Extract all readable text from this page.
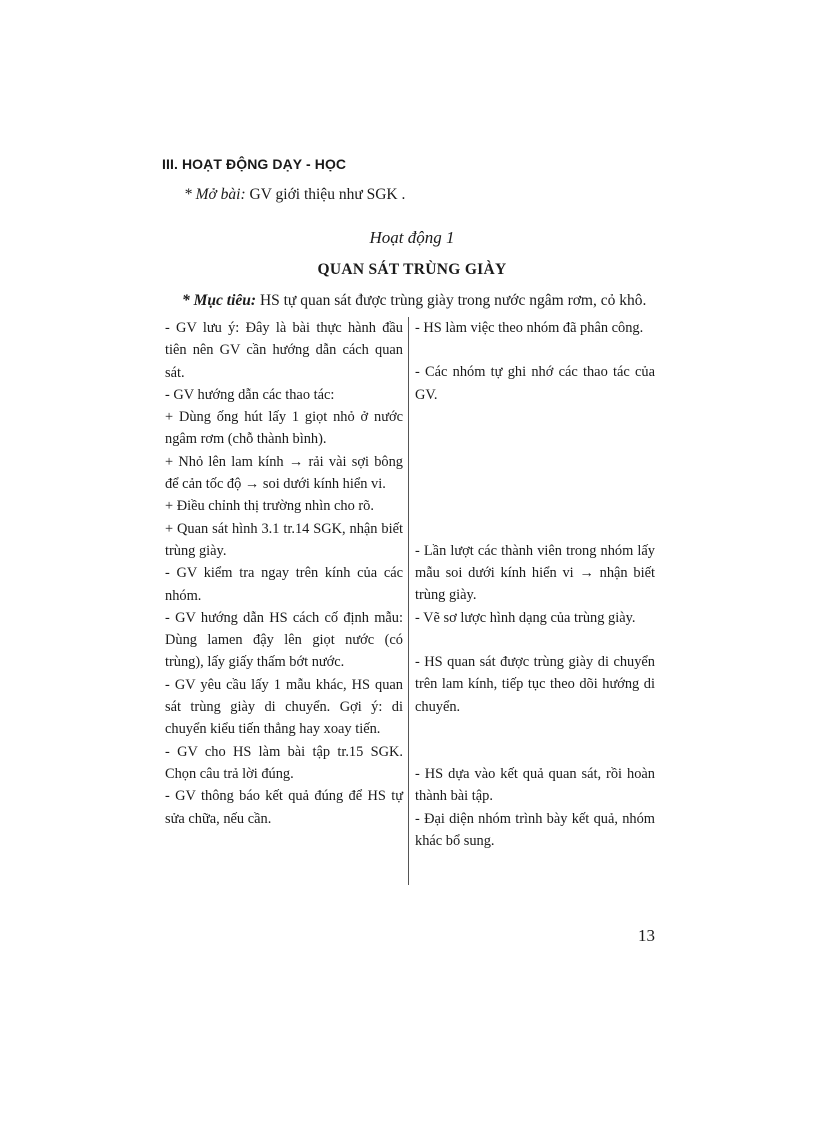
III. HOẠT ĐỘNG DẠY - HỌC
* Mở bài: GV giới thiệu như SGK .
Hoạt động 1
QUAN SÁT TRÙNG GIÀY
* Mục tiêu: HS tự quan sát được trùng giày trong nước ngâm rơm, cỏ khô.

- GV lưu ý: Đây là bài thực hành đầu tiên nên GV cần hướng dẫn cách quan sát.

- GV hướng dẫn các thao tác:

+ Dùng ống hút lấy 1 giọt nhỏ ở nước ngâm rơm (chỗ thành bình).

+ Nhỏ lên lam kính → rải vài sợi bông để cản tốc độ → soi dưới kính hiển vi.

+ Điều chỉnh thị trường nhìn cho rõ.

+ Quan sát hình 3.1 tr.14 SGK, nhận biết trùng giày.

- GV kiểm tra ngay trên kính của các nhóm.

- GV hướng dẫn HS cách cố định mẫu: Dùng lamen đậy lên giọt nước (có trùng), lấy giấy thấm bớt nước.

- GV yêu cầu lấy 1 mẫu khác, HS quan sát trùng giày di chuyển. Gợi ý: di chuyển kiểu tiến thẳng hay xoay tiến.

- GV cho HS làm bài tập tr.15 SGK. Chọn câu trả lời đúng.

- GV thông báo kết quả đúng để HS tự sửa chữa, nếu cần.

- HS làm việc theo nhóm đã phân công.

- Các nhóm tự ghi nhớ các thao tác của GV.

- Lần lượt các thành viên trong nhóm lấy mẫu soi dưới kính hiển vi → nhận biết trùng giày.

- Vẽ sơ lược hình dạng của trùng giày.

- HS quan sát được trùng giày di chuyển trên lam kính, tiếp tục theo dõi hướng di chuyển.

- HS dựa vào kết quả quan sát, rồi hoàn thành bài tập.

- Đại diện nhóm trình bày kết quả, nhóm khác bổ sung.

13
